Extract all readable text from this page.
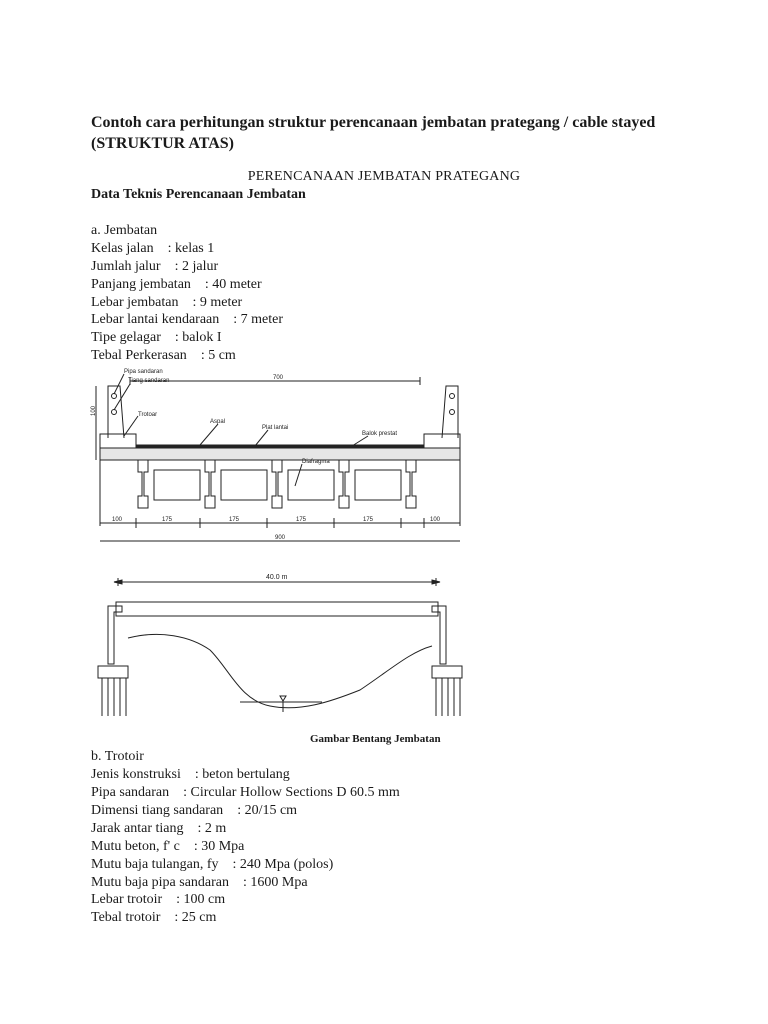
Contoh cara perhitungan struktur perencanaan jembatan prategang / cable stayed (STRUKTUR ATAS)
PERENCANAAN JEMBATAN PRATEGANG
Data Teknis Perencanaan Jembatan
a. Jembatan
Kelas jalan : kelas 1
Jumlah jalur : 2 jalur
Panjang jembatan : 40 meter
Lebar jembatan : 9 meter
Lebar lantai kendaraan : 7 meter
Tipe gelagar : balok I
Tebal Perkerasan : 5 cm
Pipa sandaran
Tiang sandaran
Trotoar
Aspal
Plat lantai
Balok prestat
Diafragma
700
100
900
100	175	175	175	175	100
40.0 m
Gambar Bentang Jembatan
b. Trotoir
Jenis konstruksi : beton bertulang
Pipa sandaran : Circular Hollow Sections D 60.5 mm
Dimensi tiang sandaran : 20/15 cm
Jarak antar tiang : 2 m
Mutu beton, f' c : 30 Mpa
Mutu baja tulangan, fy : 240 Mpa (polos)
Mutu baja pipa sandaran : 1600 Mpa
Lebar trotoir : 100 cm
Tebal trotoir : 25 cm
